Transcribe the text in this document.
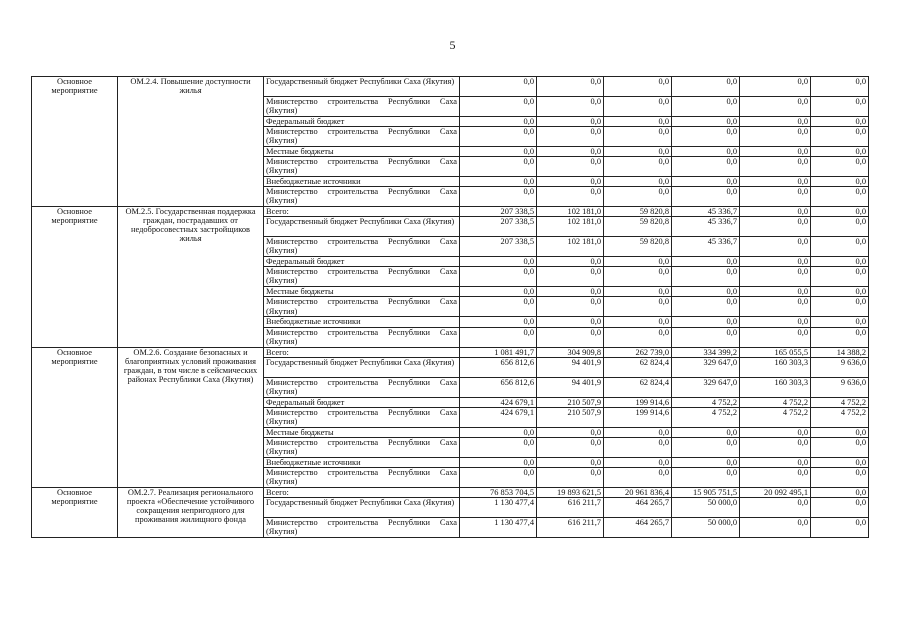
5
Основное мероприятие	ОМ.2.4. Повышение доступности жилья	Государственный бюджет Республики Саха (Якутия)	0,0	0,0	0,0	0,0	0,0	0,0
		Министерство строительства Республики Саха (Якутия)	0,0	0,0	0,0	0,0	0,0	0,0
		Федеральный бюджет	0,0	0,0	0,0	0,0	0,0	0,0
		Министерство строительства Республики Саха (Якутия)	0,0	0,0	0,0	0,0	0,0	0,0
		Местные бюджеты	0,0	0,0	0,0	0,0	0,0	0,0
		Министерство строительства Республики Саха (Якутия)	0,0	0,0	0,0	0,0	0,0	0,0
		Внебюджетные источники	0,0	0,0	0,0	0,0	0,0	0,0
		Министерство строительства Республики Саха (Якутия)	0,0	0,0	0,0	0,0	0,0	0,0
Основное мероприятие	ОМ.2.5. Государственная поддержка граждан, пострадавших от недобросовестных застройщиков жилья	Всего:	207 338,5	102 181,0	59 820,8	45 336,7	0,0	0,0
		Государственный бюджет Республики Саха (Якутия)	207 338,5	102 181,0	59 820,8	45 336,7	0,0	0,0
		Министерство строительства Республики Саха (Якутия)	207 338,5	102 181,0	59 820,8	45 336,7	0,0	0,0
		Федеральный бюджет	0,0	0,0	0,0	0,0	0,0	0,0
		Министерство строительства Республики Саха (Якутия)	0,0	0,0	0,0	0,0	0,0	0,0
		Местные бюджеты	0,0	0,0	0,0	0,0	0,0	0,0
		Министерство строительства Республики Саха (Якутия)	0,0	0,0	0,0	0,0	0,0	0,0
		Внебюджетные источники	0,0	0,0	0,0	0,0	0,0	0,0
		Министерство строительства Республики Саха (Якутия)	0,0	0,0	0,0	0,0	0,0	0,0
Основное мероприятие	ОМ.2.6. Создание безопасных и благоприятных условий проживания граждан, в том числе в сейсмических районах Республики Саха (Якутия)	Всего:	1 081 491,7	304 909,8	262 739,0	334 399,2	165 055,5	14 388,2
		Государственный бюджет Республики Саха (Якутия)	656 812,6	94 401,9	62 824,4	329 647,0	160 303,3	9 636,0
		Министерство строительства Республики Саха (Якутия)	656 812,6	94 401,9	62 824,4	329 647,0	160 303,3	9 636,0
		Федеральный бюджет	424 679,1	210 507,9	199 914,6	4 752,2	4 752,2	4 752,2
		Министерство строительства Республики Саха (Якутия)	424 679,1	210 507,9	199 914,6	4 752,2	4 752,2	4 752,2
		Местные бюджеты	0,0	0,0	0,0	0,0	0,0	0,0
		Министерство строительства Республики Саха (Якутия)	0,0	0,0	0,0	0,0	0,0	0,0
		Внебюджетные источники	0,0	0,0	0,0	0,0	0,0	0,0
		Министерство строительства Республики Саха (Якутия)	0,0	0,0	0,0	0,0	0,0	0,0
Основное мероприятие	ОМ.2.7. Реализация регионального проекта «Обеспечение устойчивого сокращения непригодного для проживания жилищного фонда	Всего:	76 853 704,5	19 893 621,5	20 961 836,4	15 905 751,5	20 092 495,1	0,0
		Государственный бюджет Республики Саха (Якутия)	1 130 477,4	616 211,7	464 265,7	50 000,0	0,0	0,0
		Министерство строительства Республики Саха (Якутия)	1 130 477,4	616 211,7	464 265,7	50 000,0	0,0	0,0
